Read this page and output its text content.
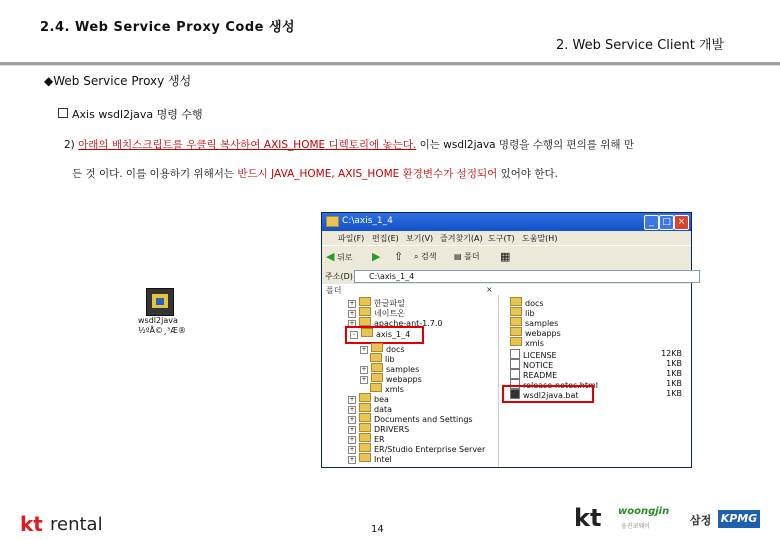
2.4. Web Service Proxy Code 생성
2. Web Service Client 개발
◆Web Service Proxy 생성
Axis wsdl2java 명령 수행
2) 아래의 배치스크립트를 우클릭 복사하여 AXIS_HOME 디렉토리에 놓는다. 이는 wsdl2java 명령을 수행의 편의를 위해 만
든 것 이다. 이를 이용하기 위해서는 반드시 JAVA_HOME, AXIS_HOME 환경변수가 설정되어 있어야 한다.
wsdl2java
½ºÅ©¸³Æ®
C:\axis_1_4	_ □ ×
파일(F) 편집(E) 보기(V) 즐겨찾기(A) 도구(T) 도움말(H)
◀ 뒤로 ▶ ⇧ ⌕ 검색 ▤ 폴더 ▦
주소(D)	C:\axis_1_4
폴더	×
+ 한글파일
+ 네이트온
+ apache-ant-1.7.0
-	axis_1_4
+ docs
lib
+ samples
+ webapps
xmls
+ bea
+ data
+ Documents and Settings
+ DRIVERS
+ ER
+ ER/Studio Enterprise Server
+ Intel
docs
lib
samples
webapps
xmls
LICENSE	12KB
NOTICE	1KB
README	1KB
release-notes.html	1KB
wsdl2java.bat	1KB
kt rental	14	kt woongjin
웅진코웨이	삼정 KPMG
